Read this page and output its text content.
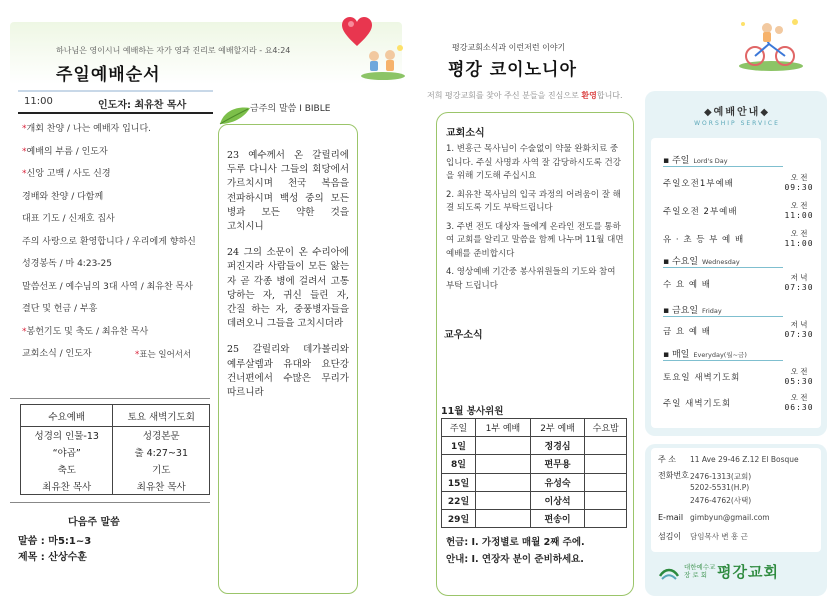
하나님은 영이시니 예배하는 자가 영과 진리로 예배할지라 - 요4:24
주일예배순서
11:00	인도자: 최유찬 목사
*개회 찬양 / 나는 예배자 입니다.
*예배의 부름 / 인도자
*신앙 고백 / 사도 신경
경배와 찬양 / 다함께
대표 기도 / 신재호 집사
주의 사랑으로 환영합니다 / 우리에게 향하신
성경봉독 / 마 4:23-25
말씀선포 / 예수님의 3대 사역 / 최유찬 목사
결단 및 헌금 / 부흥
*봉헌기도 및 축도 / 최유찬 목사
교회소식 / 인도자	*표는 일어서서
금주의 말씀 I BIBLE

23 예수께서 온 갈릴리에 두루 다니사 그들의 회당에서 가르치시며 천국 복음을 전파하시며 백성 중의 모든 병과 모든 약한 것을 고치시니

24 그의 소문이 온 수리아에 퍼진지라 사람들이 모든 앓는 자 곧 각종 병에 걸려서 고통 당하는 자, 귀신 들린 자, 간질 하는 자, 중풍병자들을 데려오니 그들을 고치시더라

25 갈릴리와 데가볼리와 예루살렘과 유대와 요단강 건너편에서 수많은 무리가 따르니라

수요예배	토요 새벽기도회
성경의 인물-13	성경본문
“야곱”	출 4:27~31
축도	기도
최유찬 목사	최유찬 목사
다음주 말씀
말씀 : 마5:1~3
제목 : 산상수훈
평강교회소식과 이런저런 이야기
평강 코이노니아
저희 평강교회를 찾아 주신 분들을 진심으로 환영합니다.
교회소식

1. 변흥근 목사님이 수술없이 약물 완화치료 중입니다. 주실 사명과 사역 잘 감당하시도록 건강을 위해 기도해 주십시요

2. 최유찬 목사님의 입국 과정의 어려움이 잘 해결 되도록 기도 부탁드립니다

3. 주변 전도 대상자 들에게 온라인 전도를 통하여 교회를 알리고 말씀을 함께 나누며 11월 대면예배를 준비합시다

4. 영상예배 기간중 봉사위원들의 기도와 참여 부탁 드립니다

교우소식
11월 봉사위원
주일	1부 예배	2부 예배	수요밤
1일		정경심	
8일		편무용	
15일		유성숙	
22일		이상석	
29일		편송이	
헌금: I. 가정별로 매월 2째 주에.
안내: I. 연장자 분이 준비하세요.
◆예배안내◆
WORSHIP SERVICE
▪ 주일 Lord's Day
주일오전1부예배
오 전
09:30
주일오전 2부예배
오 전
11:00
유 · 초 등 부 예 배
오 전
11:00
▪ 수요일 Wednesday
수 요 예 배
저 녁
07:30
▪ 금요일 Friday
금 요 예 배
저 녁
07:30
▪ 매일 Everyday(월~금)
토요일 새벽기도회
오 전
05:30
주일 새벽기도회
오 전
06:30
주 소 11 Ave 29-46 Z.12 El Bosque
전화번호 2476-1313(교회)
5202-5531(H.P)
2476-4762(사택)
E-mail gimbyun@gmail.com
섬김이 담임목사 변 흥 근
대한예수교
장 로 회 평강교회
